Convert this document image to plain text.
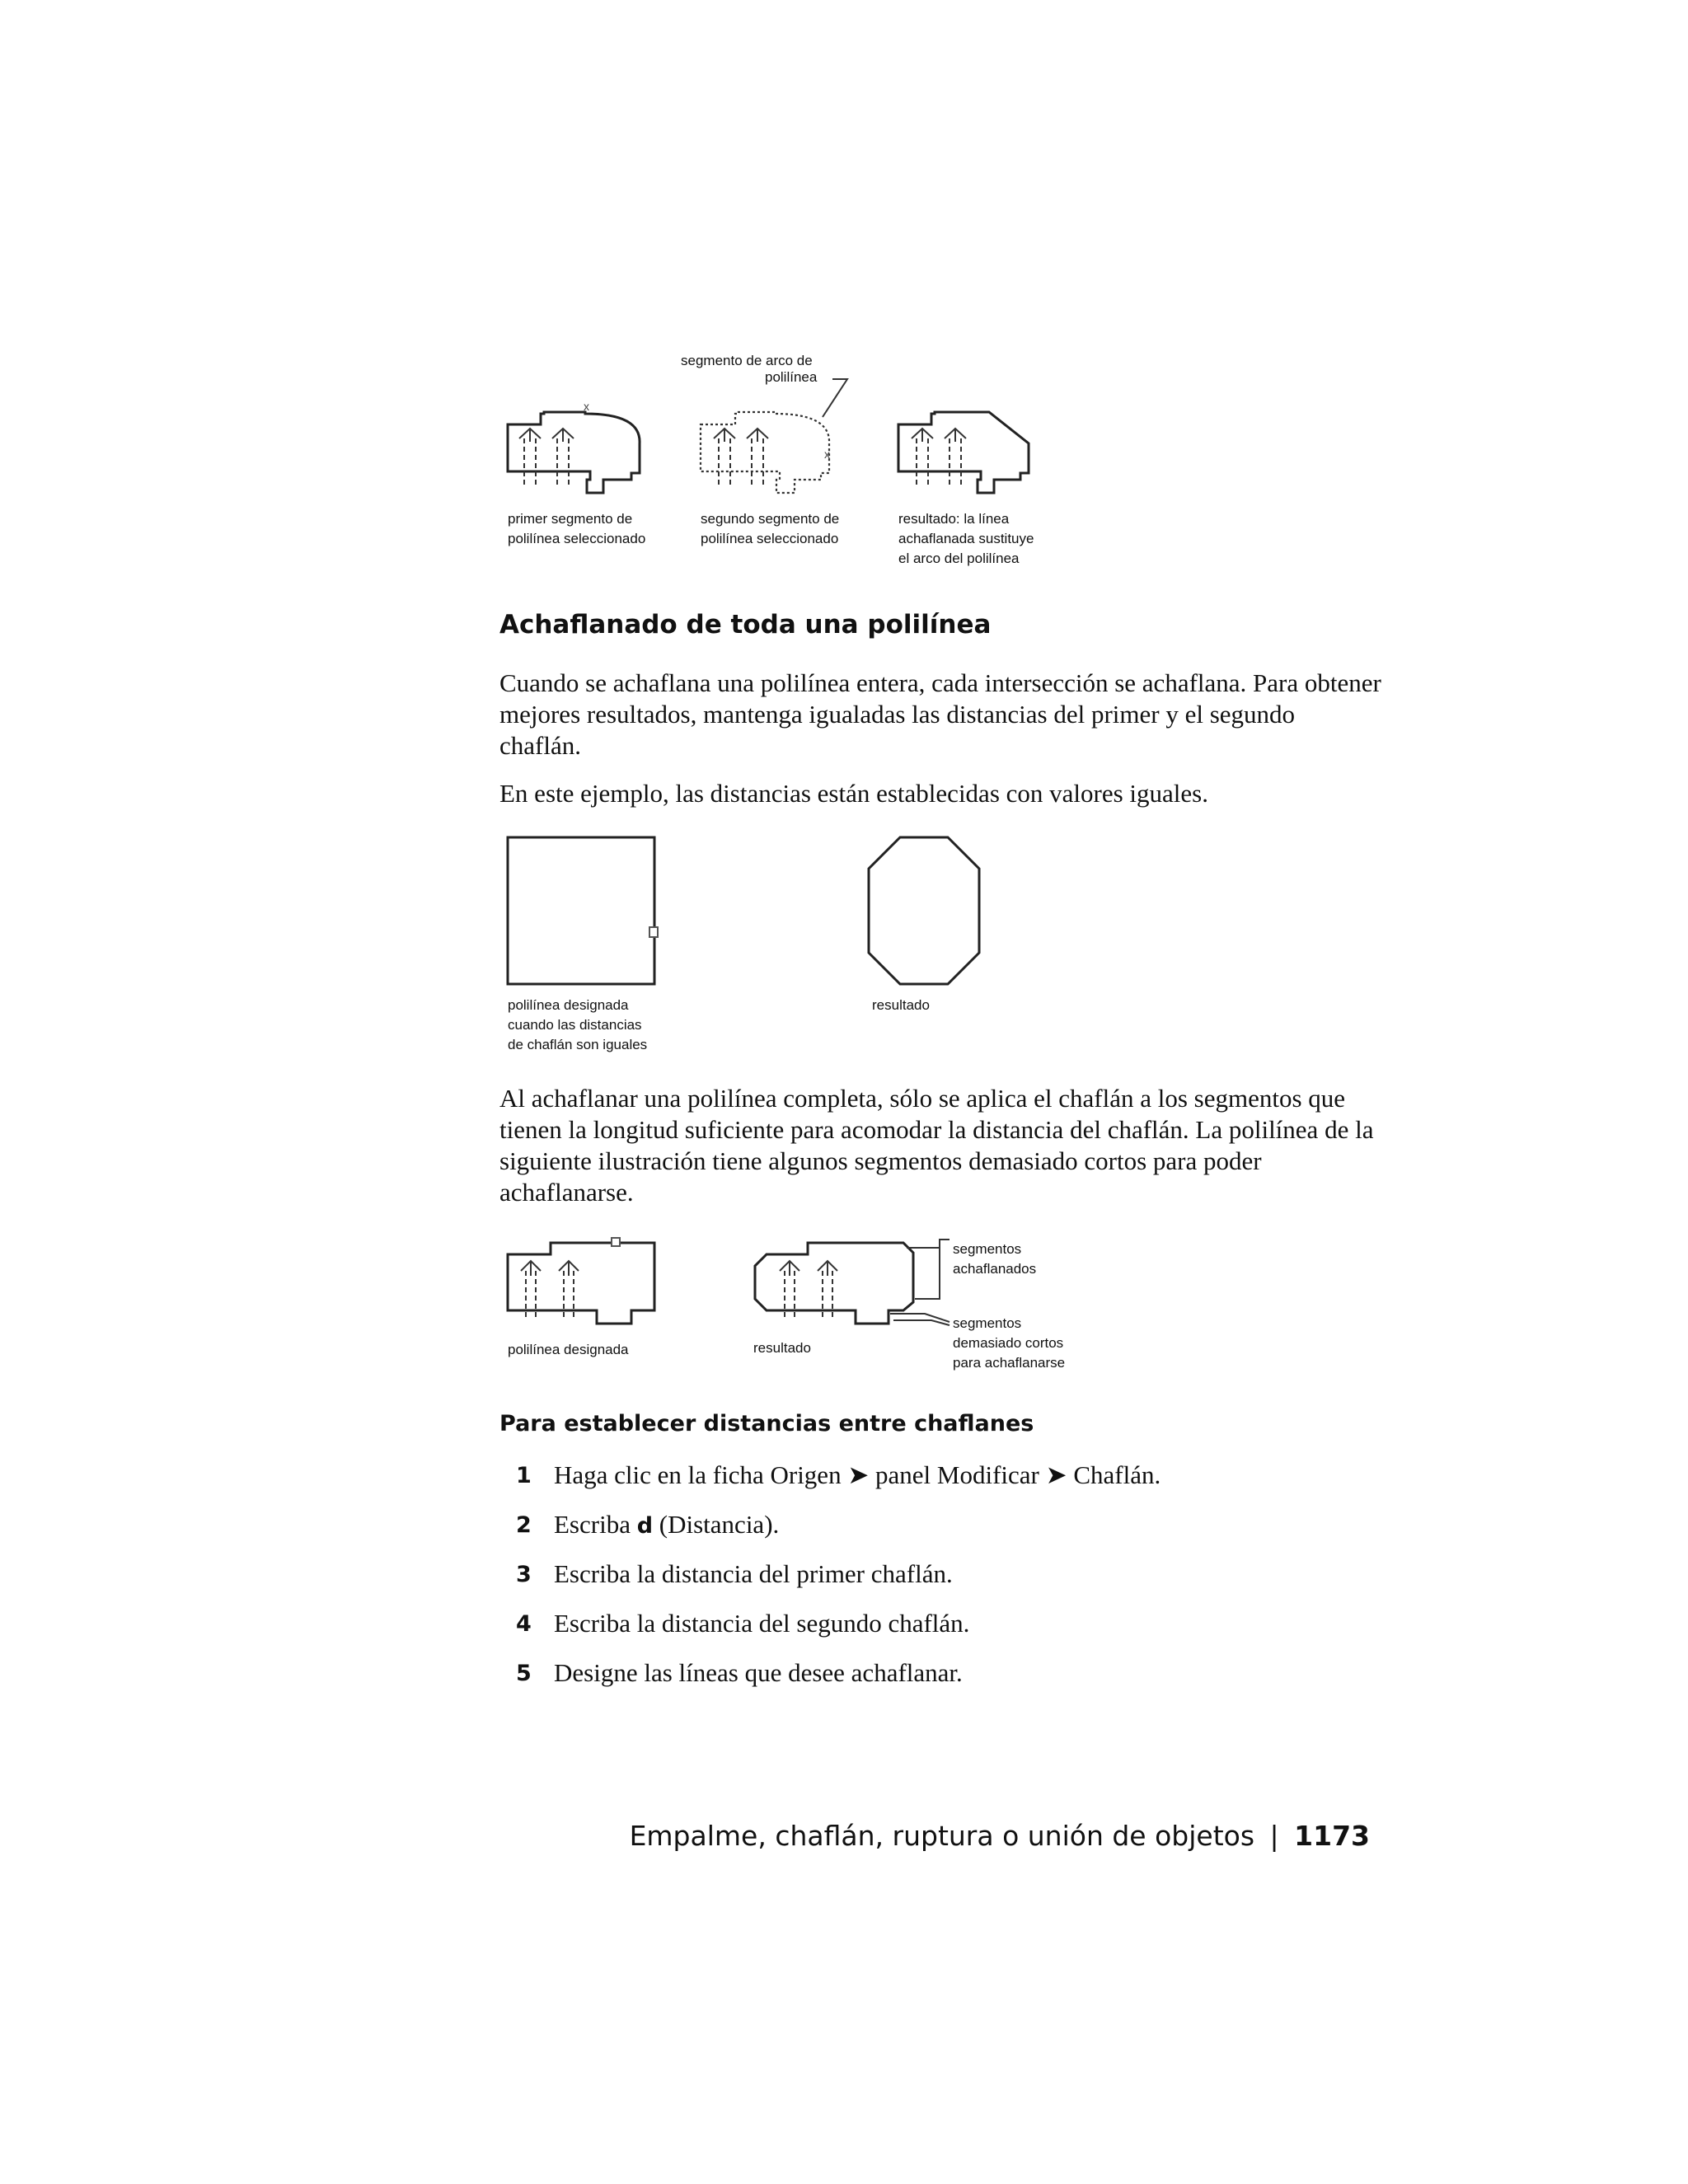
x
x
segmento de arco de
polilínea
primer segmento de
polilínea seleccionado
segundo segmento de
polilínea seleccionado
resultado: la línea
achaflanada sustituye
el arco del polilínea
Achaflanado de toda una polilínea
Cuando se achaflana una polilínea entera, cada intersección se achaflana. Para obtener mejores resultados, mantenga igualadas las distancias del primer y el segundo chaflán.
En este ejemplo, las distancias están establecidas con valores iguales.
polilínea designada
cuando las distancias
de chaflán son iguales
resultado
Al achaflanar una polilínea completa, sólo se aplica el chaflán a los segmentos que tienen la longitud suficiente para acomodar la distancia del chaflán. La polilínea de la siguiente ilustración tiene algunos segmentos demasiado cortos para poder achaflanarse.
polilínea designada	resultado
segmentos
achaflanados
segmentos
demasiado cortos
para achaflanarse
Para establecer distancias entre chaflanes
1 Haga clic en la ficha Origen ➤ panel Modificar ➤ Chaflán.
2 Escriba d (Distancia).
3 Escriba la distancia del primer chaflán.
4 Escriba la distancia del segundo chaflán.
5 Designe las líneas que desee achaflanar.
Empalme, chaflán, ruptura o unión de objetos | 1173
